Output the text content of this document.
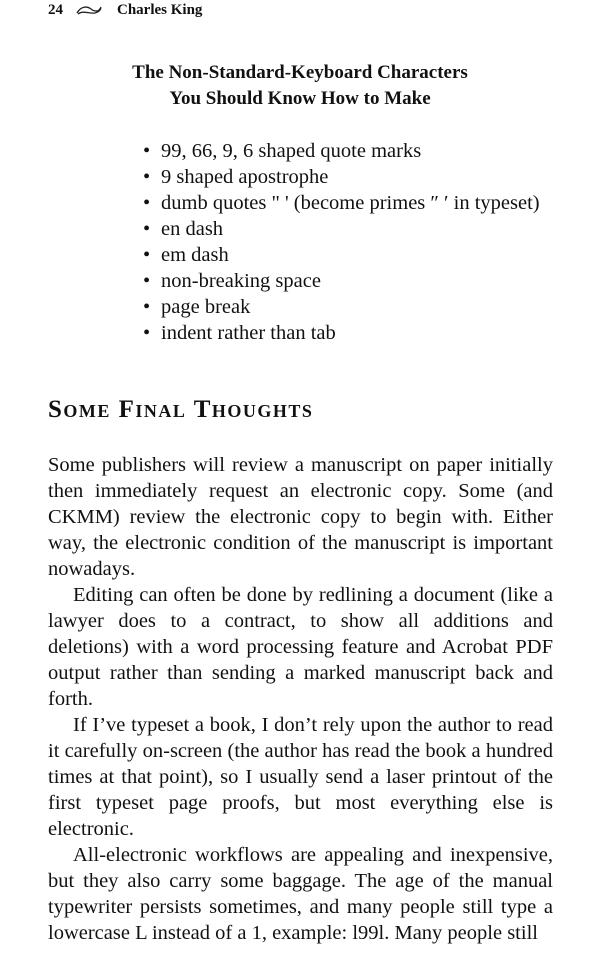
24	Charles King
The Non-Standard-Keyboard Characters
You Should Know How to Make
• 99, 66, 9, 6 shaped quote marks
• 9 shaped apostrophe
• dumb quotes " ' (become primes ″ ′ in typeset)
• en dash
• em dash
• non-breaking space
• page break
• indent rather than tab
Some Final Thoughts

Some publishers will review a manuscript on paper initially then immediately request an electronic copy. Some (and CKMM) review the electronic copy to begin with. Either way, the electronic condition of the manuscript is important nowadays.

Editing can often be done by redlining a document (like a lawyer does to a contract, to show all additions and deletions) with a word processing feature and Acrobat PDF output rather than sending a marked manuscript back and forth.

If I’ve typeset a book, I don’t rely upon the author to read it carefully on-screen (the author has read the book a hundred times at that point), so I usually send a laser printout of the first typeset page proofs, but most everything else is electronic.

All-electronic workflows are appealing and inexpensive, but they also carry some baggage. The age of the manual typewriter persists sometimes, and many people still type a lowercase L instead of a 1, example: l99l. Many people still
